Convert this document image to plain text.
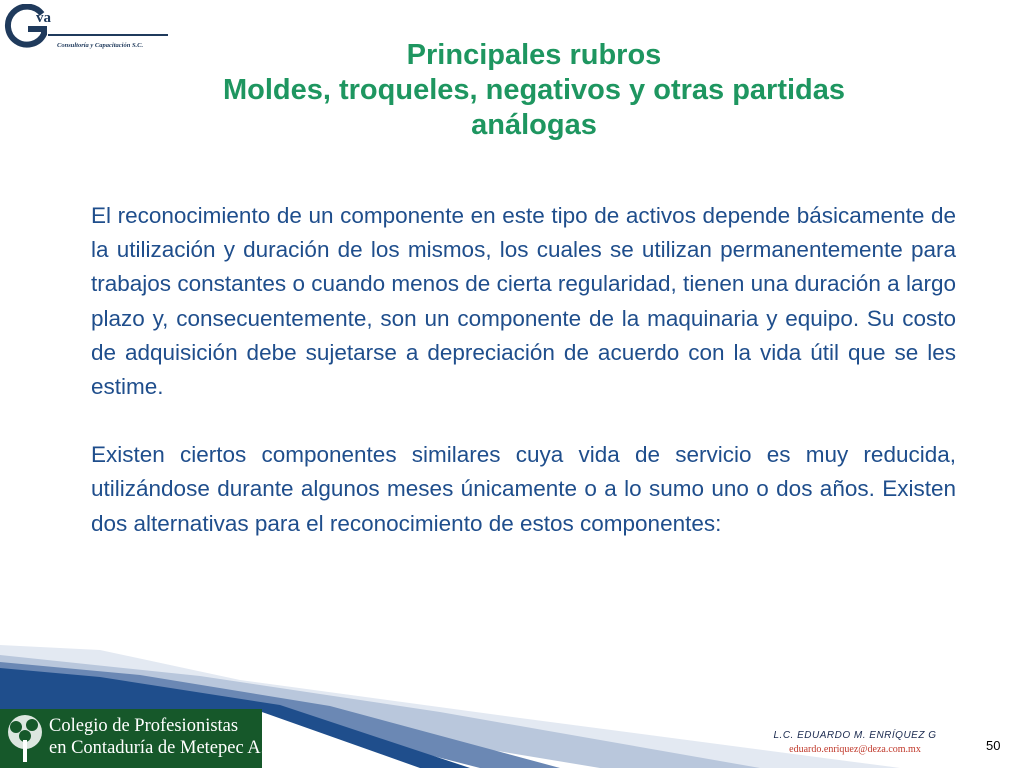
va
Consultoría y Capacitación S.C.	Principales rubros
Moldes, troqueles, negativos y otras partidas
análogas

El reconocimiento de un componente en este tipo de activos depende básicamente de la utilización y duración de los mismos, los cuales se utilizan permanentemente para trabajos constantes o cuando menos de cierta regularidad, tienen una duración a largo plazo y, consecuentemente, son un componente de la maquinaria y equipo. Su costo de adquisición debe sujetarse a depreciación de acuerdo con la vida útil que se les estime.

Existen ciertos componentes similares cuya vida de servicio es muy reducida, utilizándose durante algunos meses únicamente o a lo sumo uno o dos años. Existen dos alternativas para el reconocimiento de estos componentes:

Colegio de Profesionistas
en Contaduría de Metepec A.C.
L.C. EDUARDO M. ENRÍQUEZ G
eduardo.enriquez@deza.com.mx	50
